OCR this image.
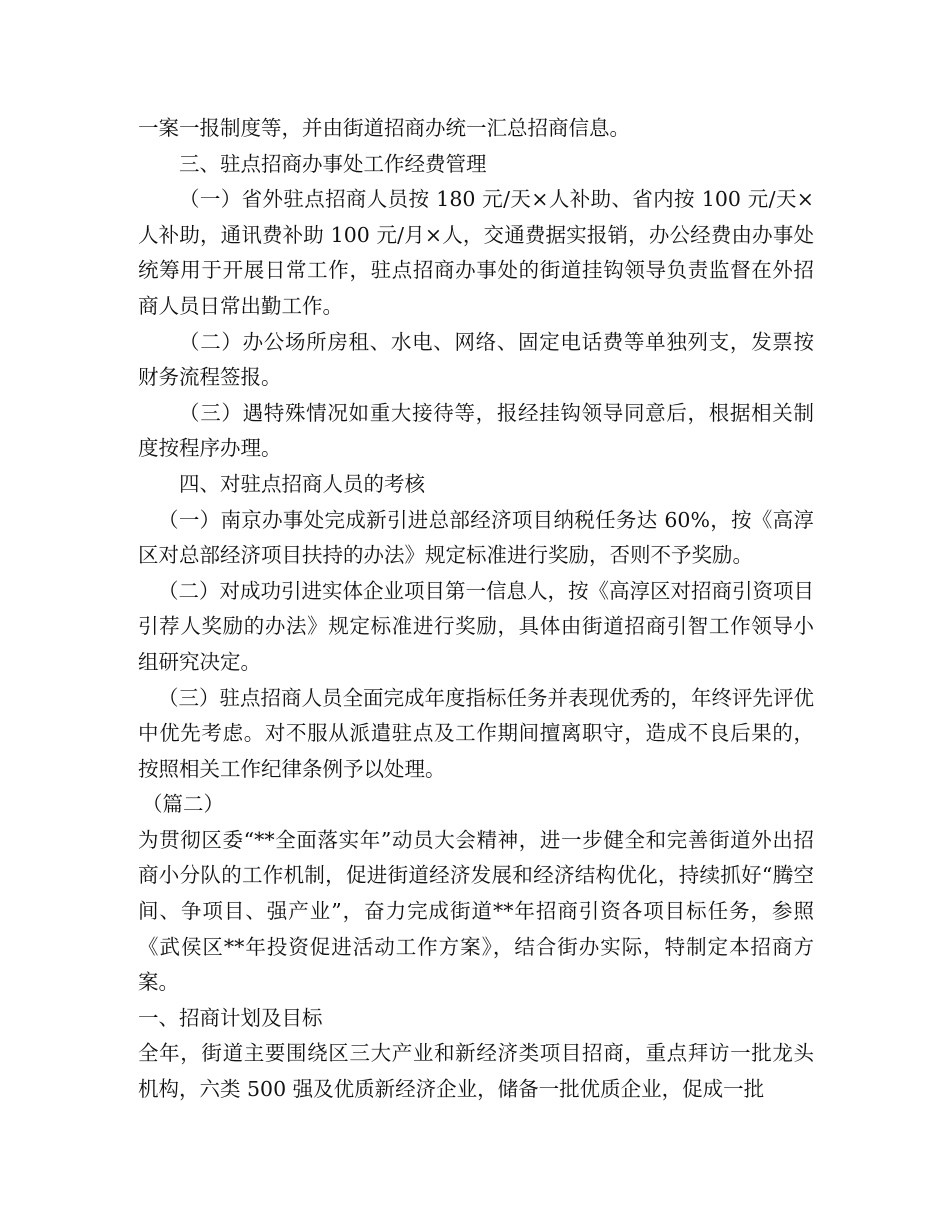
一案一报制度等，并由街道招商办统一汇总招商信息。

三、驻点招商办事处工作经费管理

（一）省外驻点招商人员按 180 元/天×人补助、省内按 100 元/天×人补助，通讯费补助 100 元/月×人，交通费据实报销，办公经费由办事处统筹用于开展日常工作，驻点招商办事处的街道挂钩领导负责监督在外招商人员日常出勤工作。

（二）办公场所房租、水电、网络、固定电话费等单独列支，发票按财务流程签报。

（三）遇特殊情况如重大接待等，报经挂钩领导同意后，根据相关制度按程序办理。

四、对驻点招商人员的考核

（一）南京办事处完成新引进总部经济项目纳税任务达 60%，按《高淳区对总部经济项目扶持的办法》规定标准进行奖励，否则不予奖励。

（二）对成功引进实体企业项目第一信息人，按《高淳区对招商引资项目引荐人奖励的办法》规定标准进行奖励，具体由街道招商引智工作领导小组研究决定。

（三）驻点招商人员全面完成年度指标任务并表现优秀的，年终评先评优中优先考虑。对不服从派遣驻点及工作期间擅离职守，造成不良后果的，按照相关工作纪律条例予以处理。

（篇二）

为贯彻区委“**全面落实年”动员大会精神，进一步健全和完善街道外出招商小分队的工作机制，促进街道经济发展和经济结构优化，持续抓好“腾空间、争项目、强产业”，奋力完成街道**年招商引资各项目标任务，参照《武侯区**年投资促进活动工作方案》，结合街办实际，特制定本招商方案。

一、招商计划及目标

全年，街道主要围绕区三大产业和新经济类项目招商，重点拜访一批龙头机构，六类 500 强及优质新经济企业，储备一批优质企业，促成一批
